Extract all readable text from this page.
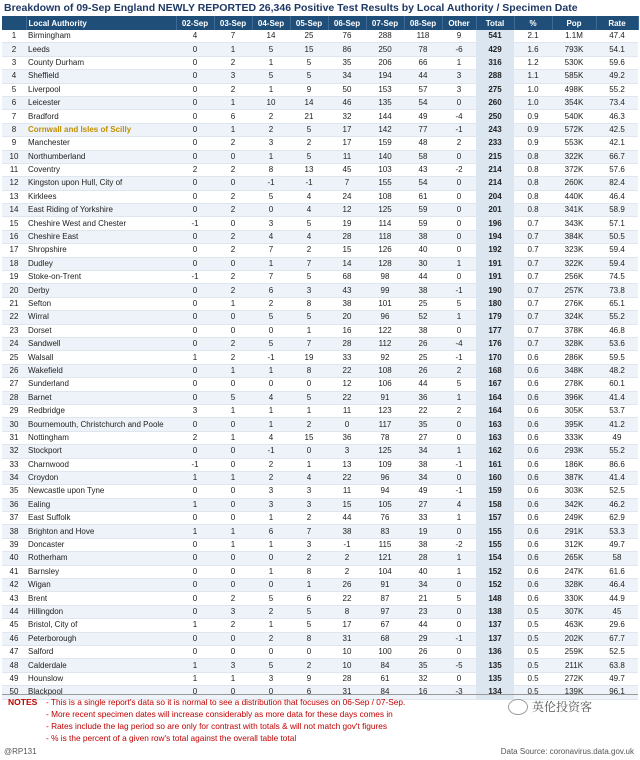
Breakdown of 09-Sep England NEWLY REPORTED 26,346 Positive Test Results by Local Authority / Specimen Date
	Local Authority	02-Sep	03-Sep	04-Sep	05-Sep	06-Sep	07-Sep	08-Sep	Other	Total	%	Pop	Rate
1	Birmingham	4	7	14	25	76	288	118	9	541	2.1	1.1M	47.4
2	Leeds	0	1	5	15	86	250	78	-6	429	1.6	793K	54.1
3	County Durham	0	2	1	5	35	206	66	1	316	1.2	530K	59.6
4	Sheffield	0	3	5	5	34	194	44	3	288	1.1	585K	49.2
5	Liverpool	0	2	1	9	50	153	57	3	275	1.0	498K	55.2
6	Leicester	0	1	10	14	46	135	54	0	260	1.0	354K	73.4
7	Bradford	0	6	2	21	32	144	49	-4	250	0.9	540K	46.3
8	Cornwall and Isles of Scilly	0	1	2	5	17	142	77	-1	243	0.9	572K	42.5
9	Manchester	0	2	3	2	17	159	48	2	233	0.9	553K	42.1
10	Northumberland	0	0	1	5	11	140	58	0	215	0.8	322K	66.7
11	Coventry	2	2	8	13	45	103	43	-2	214	0.8	372K	57.6
12	Kingston upon Hull, City of	0	0	-1	-1	7	155	54	0	214	0.8	260K	82.4
13	Kirklees	0	2	5	4	24	108	61	0	204	0.8	440K	46.4
14	East Riding of Yorkshire	0	2	0	4	12	125	59	0	201	0.8	341K	58.9
15	Cheshire West and Chester	-1	0	3	5	19	114	59	0	196	0.7	343K	57.1
16	Cheshire East	0	2	4	4	28	118	38	0	194	0.7	384K	50.5
17	Shropshire	0	2	7	2	15	126	40	0	192	0.7	323K	59.4
18	Dudley	0	0	1	7	14	128	30	1	191	0.7	322K	59.4
19	Stoke-on-Trent	-1	2	7	5	68	98	44	0	191	0.7	256K	74.5
20	Derby	0	2	6	3	43	99	38	-1	190	0.7	257K	73.8
21	Sefton	0	1	2	8	38	101	25	5	180	0.7	276K	65.1
22	Wirral	0	0	5	5	20	96	52	1	179	0.7	324K	55.2
23	Dorset	0	0	0	1	16	122	38	0	177	0.7	378K	46.8
24	Sandwell	0	2	5	7	28	112	26	-4	176	0.7	328K	53.6
25	Walsall	1	2	-1	19	33	92	25	-1	170	0.6	286K	59.5
26	Wakefield	0	1	1	8	22	108	26	2	168	0.6	348K	48.2
27	Sunderland	0	0	0	0	12	106	44	5	167	0.6	278K	60.1
28	Barnet	0	5	4	5	22	91	36	1	164	0.6	396K	41.4
29	Redbridge	3	1	1	1	11	123	22	2	164	0.6	305K	53.7
30	Bournemouth, Christchurch and Poole	0	0	1	2	0	117	35	0	163	0.6	395K	41.2
31	Nottingham	2	1	4	15	36	78	27	0	163	0.6	333K	49
32	Stockport	0	0	-1	0	3	125	34	1	162	0.6	293K	55.2
33	Charnwood	-1	0	2	1	13	109	38	-1	161	0.6	186K	86.6
34	Croydon	1	1	2	4	22	96	34	0	160	0.6	387K	41.4
35	Newcastle upon Tyne	0	0	3	3	11	94	49	-1	159	0.6	303K	52.5
36	Ealing	1	0	3	3	15	105	27	4	158	0.6	342K	46.2
37	East Suffolk	0	0	1	2	44	76	33	1	157	0.6	249K	62.9
38	Brighton and Hove	1	1	6	7	38	83	19	0	155	0.6	291K	53.3
39	Doncaster	0	1	1	3	-1	115	38	-2	155	0.6	312K	49.7
40	Rotherham	0	0	0	2	2	121	28	1	154	0.6	265K	58
41	Barnsley	0	0	1	8	2	104	40	1	152	0.6	247K	61.6
42	Wigan	0	0	0	1	26	91	34	0	152	0.6	328K	46.4
43	Brent	0	2	5	6	22	87	21	5	148	0.6	330K	44.9
44	Hillingdon	0	3	2	5	8	97	23	0	138	0.5	307K	45
45	Bristol, City of	1	2	1	5	17	67	44	0	137	0.5	463K	29.6
46	Peterborough	0	0	2	8	31	68	29	-1	137	0.5	202K	67.7
47	Salford	0	0	0	0	10	100	26	0	136	0.5	259K	52.5
48	Calderdale	1	3	5	2	10	84	35	-5	135	0.5	211K	63.8
49	Hounslow	1	1	3	9	28	61	32	0	135	0.5	272K	49.7
50	Blackpool	0	0	0	6	31	84	16	-3	134	0.5	139K	96.1
NOTES - This is a single report's data so it is normal to see a distribution that focuses on 06-Sep / 07-Sep.
- More recent specimen dates will increase considerably as more data for these days comes in
- Rates include the lag period so are only for contrast with totals & will not match gov't figures
- % is the percent of a given row's total against the overall table total
英伦投资客
@RP131	Data Source: coronavirus.data.gov.uk
